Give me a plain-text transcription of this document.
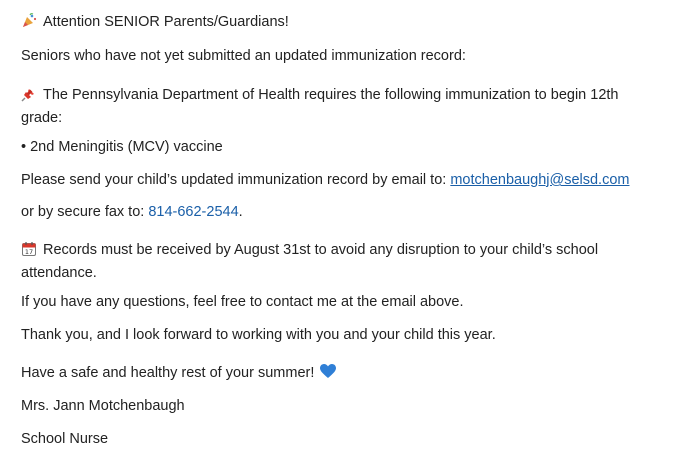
Attention SENIOR Parents/Guardians!
Seniors who have not yet submitted an updated immunization record:
The Pennsylvania Department of Health requires the following immunization to begin 12th grade:
• 2nd Meningitis (MCV) vaccine
Please send your child’s updated immunization record by email to: motchenbaughj@selsd.com
or by secure fax to: 814-662-2544.
17 Records must be received by August 31st to avoid any disruption to your child’s school attendance.
If you have any questions, feel free to contact me at the email above.
Thank you, and I look forward to working with you and your child this year.
Have a safe and healthy rest of your summer!
Mrs. Jann Motchenbaugh
School Nurse
